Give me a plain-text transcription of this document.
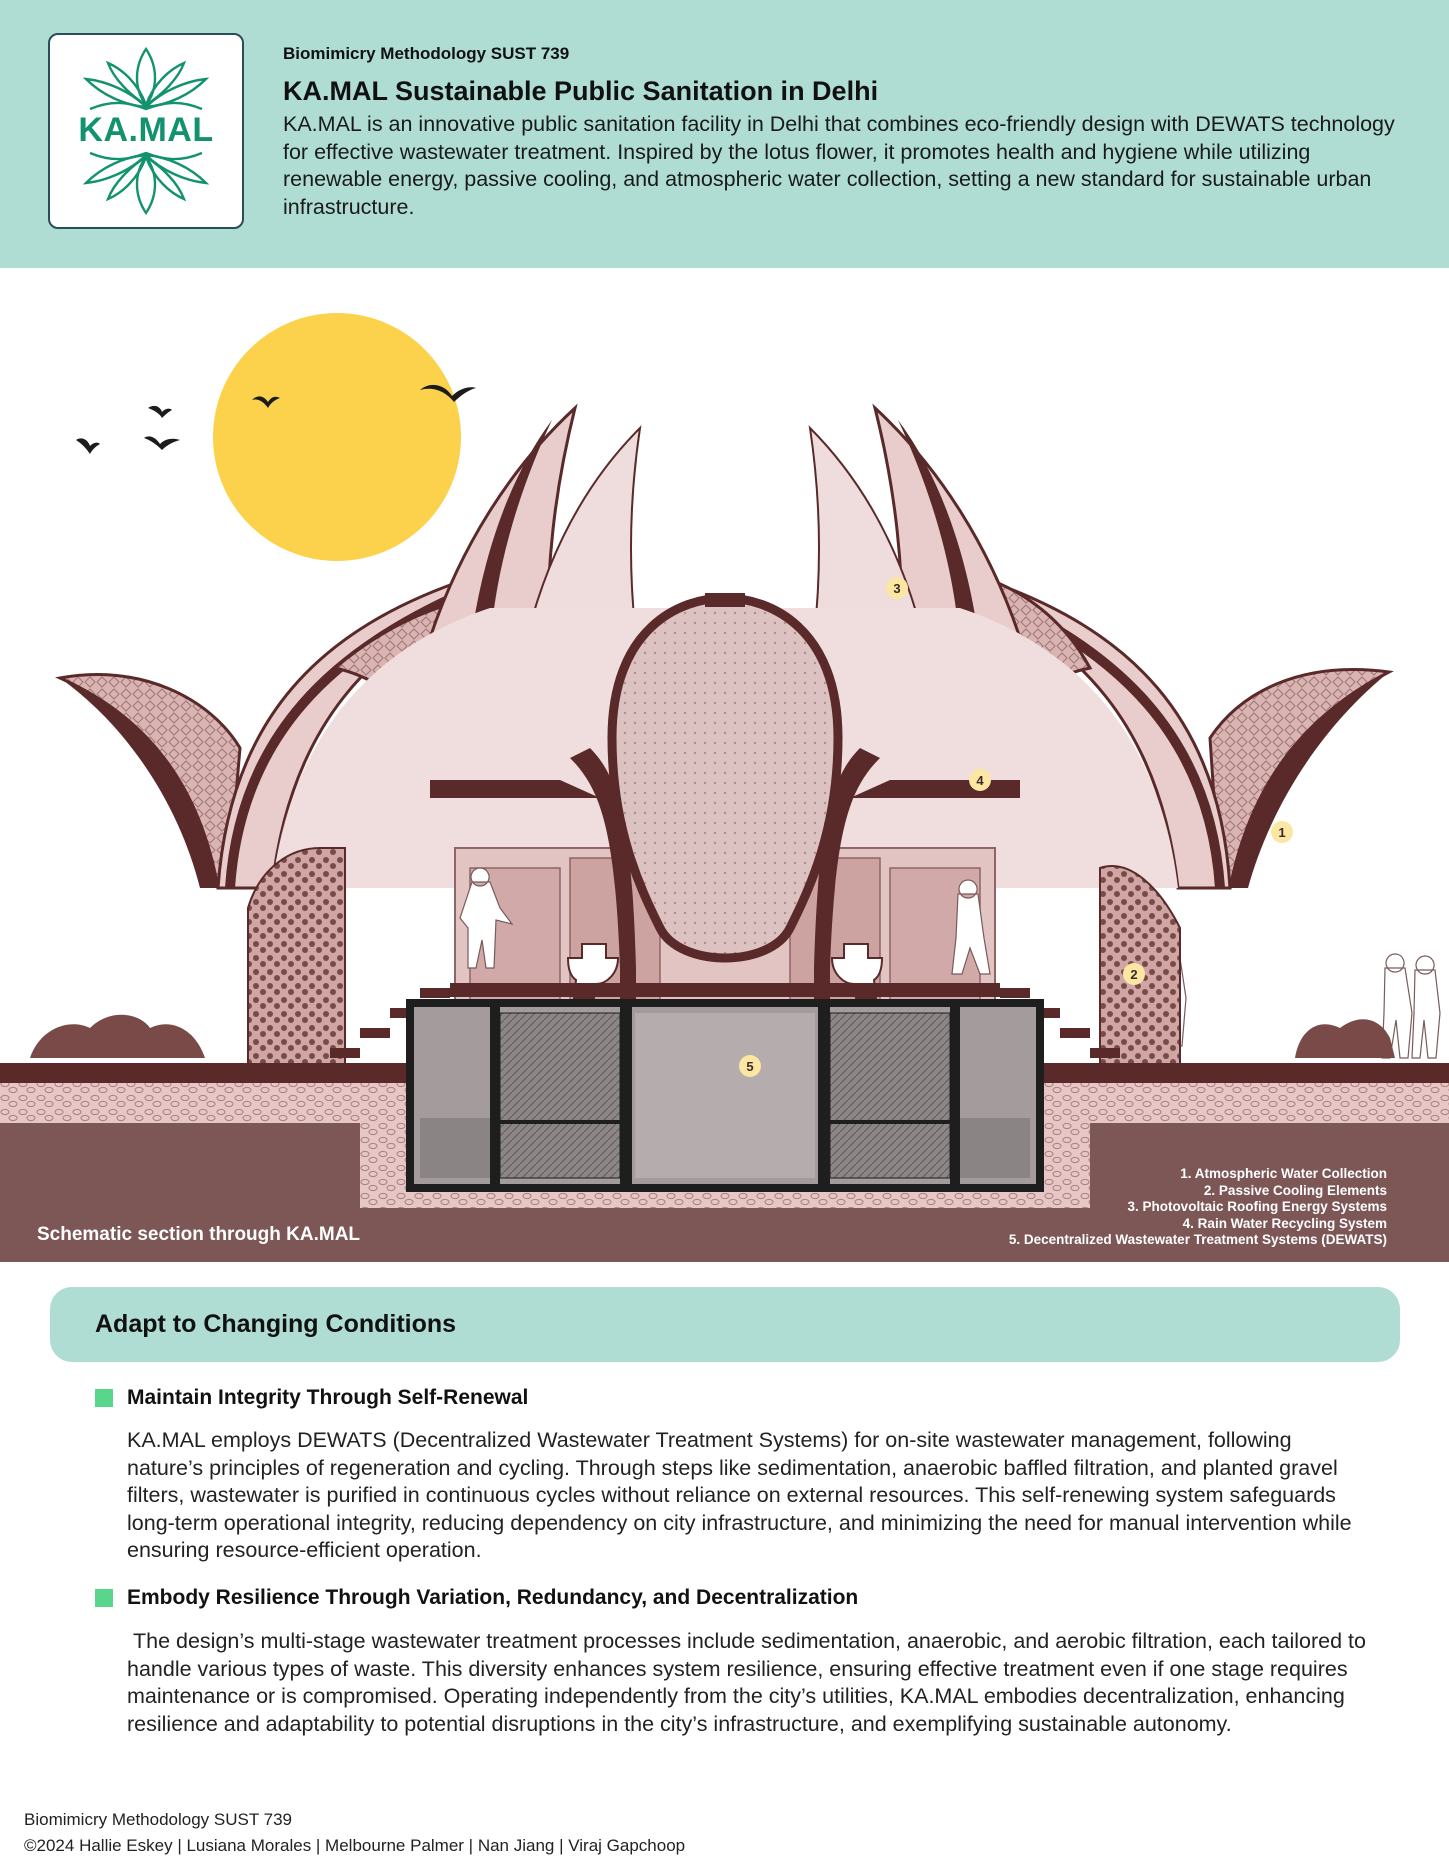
KA.MAL
Biomimicry Methodology SUST 739
KA.MAL Sustainable Public Sanitation in Delhi
KA.MAL is an innovative public sanitation facility in Delhi that combines eco-friendly design with DEWATS technology for effective wastewater treatment. Inspired by the lotus flower, it promotes health and hygiene while utilizing renewable energy, passive cooling, and atmospheric water collection, setting a new standard for sustainable urban infrastructure.
1
2
3
4
5
Schematic section through KA.MAL
1. Atmospheric Water Collection
2. Passive Cooling Elements
3. Photovoltaic Roofing Energy Systems
4. Rain Water Recycling System
5. Decentralized Wastewater Treatment Systems (DEWATS)
Adapt to Changing Conditions
Maintain Integrity Through Self-Renewal
KA.MAL employs DEWATS (Decentralized Wastewater Treatment Systems) for on-site wastewater management, following nature’s principles of regeneration and cycling. Through steps like sedimentation, anaerobic baffled filtration, and planted gravel filters, wastewater is purified in continuous cycles without reliance on external resources. This self-renewing system safeguards long-term operational integrity, reducing dependency on city infrastructure, and minimizing the need for manual intervention while ensuring resource-efficient operation.
Embody Resilience Through Variation, Redundancy, and Decentralization
The design’s multi-stage wastewater treatment processes include sedimentation, anaerobic, and aerobic filtration, each tailored to handle various types of waste. This diversity enhances system resilience, ensuring effective treatment even if one stage requires maintenance or is compromised. Operating independently from the city’s utilities, KA.MAL embodies decentralization, enhancing resilience and adaptability to potential disruptions in the city’s infrastructure, and exemplifying sustainable autonomy.
Biomimicry Methodology SUST 739
©2024 Hallie Eskey | Lusiana Morales | Melbourne Palmer | Nan Jiang | Viraj Gapchoop
